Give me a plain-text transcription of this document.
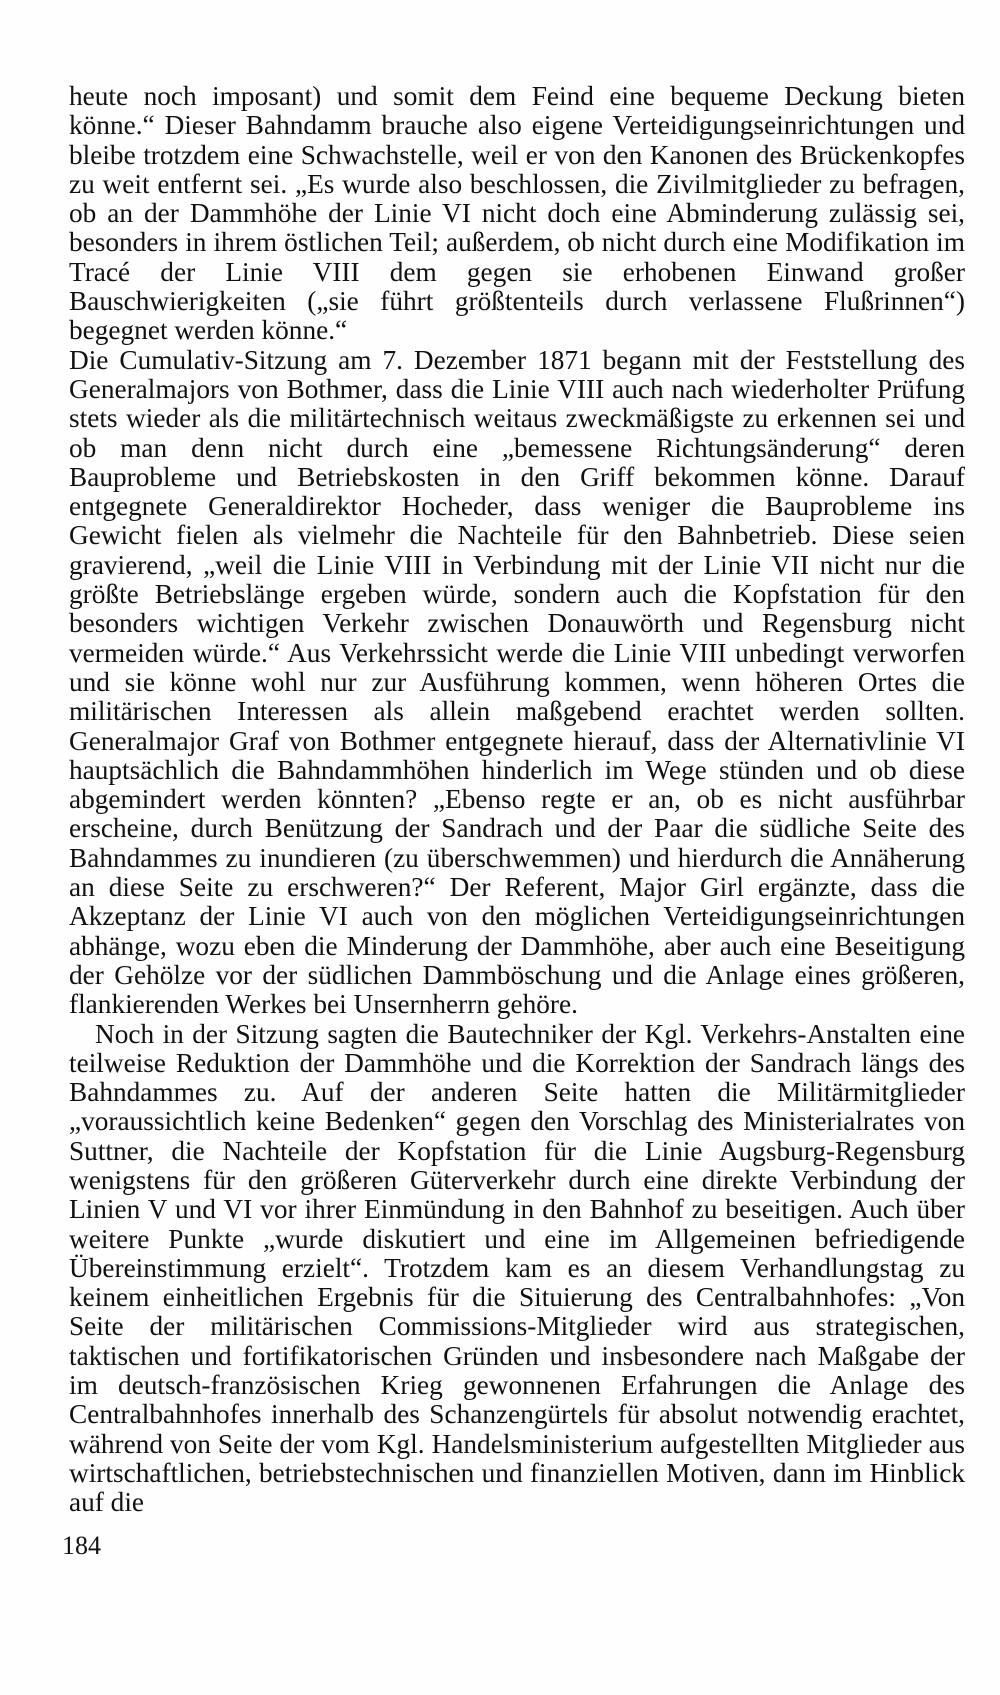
heute noch imposant) und somit dem Feind eine bequeme Deckung bieten könne.“ Dieser Bahndamm brauche also eigene Verteidigungseinrichtungen und bleibe trotzdem eine Schwachstelle, weil er von den Kanonen des Brückenkopfes zu weit entfernt sei. „Es wurde also beschlossen, die Zivilmitglieder zu befragen, ob an der Dammhöhe der Linie VI nicht doch eine Abminderung zulässig sei, besonders in ihrem östlichen Teil; außerdem, ob nicht durch eine Modifikation im Tracé der Linie VIII dem gegen sie erhobenen Einwand großer Bauschwierigkeiten („sie führt größtenteils durch verlassene Flußrinnen“) begegnet werden könne.“

Die Cumulativ-Sitzung am 7. Dezember 1871 begann mit der Feststellung des Generalmajors von Bothmer, dass die Linie VIII auch nach wiederholter Prüfung stets wieder als die militärtechnisch weitaus zweckmäßigste zu erkennen sei und ob man denn nicht durch eine „bemessene Richtungsänderung“ deren Bauprobleme und Betriebskosten in den Griff bekommen könne. Darauf entgegnete Generaldirektor Hocheder, dass weniger die Bauprobleme ins Gewicht fielen als vielmehr die Nachteile für den Bahnbetrieb. Diese seien gravierend, „weil die Linie VIII in Verbindung mit der Linie VII nicht nur die größte Betriebslänge ergeben würde, sondern auch die Kopfstation für den besonders wichtigen Verkehr zwischen Donauwörth und Regensburg nicht vermeiden würde.“ Aus Verkehrssicht werde die Linie VIII unbedingt verworfen und sie könne wohl nur zur Ausführung kommen, wenn höheren Ortes die militärischen Interessen als allein maßgebend erachtet werden sollten. Generalmajor Graf von Bothmer entgegnete hierauf, dass der Alternativlinie VI hauptsächlich die Bahndammhöhen hinderlich im Wege stünden und ob diese abgemindert werden könnten? „Ebenso regte er an, ob es nicht ausführbar erscheine, durch Benützung der Sandrach und der Paar die südliche Seite des Bahndammes zu inundieren (zu überschwemmen) und hierdurch die Annäherung an diese Seite zu erschweren?“ Der Referent, Major Girl ergänzte, dass die Akzeptanz der Linie VI auch von den möglichen Verteidigungseinrichtungen abhänge, wozu eben die Minderung der Dammhöhe, aber auch eine Beseitigung der Gehölze vor der südlichen Dammböschung und die Anlage eines größeren, flankierenden Werkes bei Unsernherrn gehöre.

Noch in der Sitzung sagten die Bautechniker der Kgl. Verkehrs-Anstalten eine teilweise Reduktion der Dammhöhe und die Korrektion der Sandrach längs des Bahndammes zu. Auf der anderen Seite hatten die Militärmitglieder „voraussichtlich keine Bedenken“ gegen den Vorschlag des Ministerialrates von Suttner, die Nachteile der Kopfstation für die Linie Augsburg-Regensburg wenigstens für den größeren Güterverkehr durch eine direkte Verbindung der Linien V und VI vor ihrer Einmündung in den Bahnhof zu beseitigen. Auch über weitere Punkte „wurde diskutiert und eine im Allgemeinen befriedigende Übereinstimmung erzielt“. Trotzdem kam es an diesem Verhandlungstag zu keinem einheitlichen Ergebnis für die Situierung des Centralbahnhofes: „Von Seite der militärischen Commissions-Mitglieder wird aus strategischen, taktischen und fortifikatorischen Gründen und insbesondere nach Maßgabe der im deutsch-französischen Krieg gewonnenen Erfahrungen die Anlage des Centralbahnhofes innerhalb des Schanzengürtels für absolut notwendig erachtet, während von Seite der vom Kgl. Handelsministerium aufgestellten Mitglieder aus wirtschaftlichen, betriebstechnischen und finanziellen Motiven, dann im Hinblick auf die

184
